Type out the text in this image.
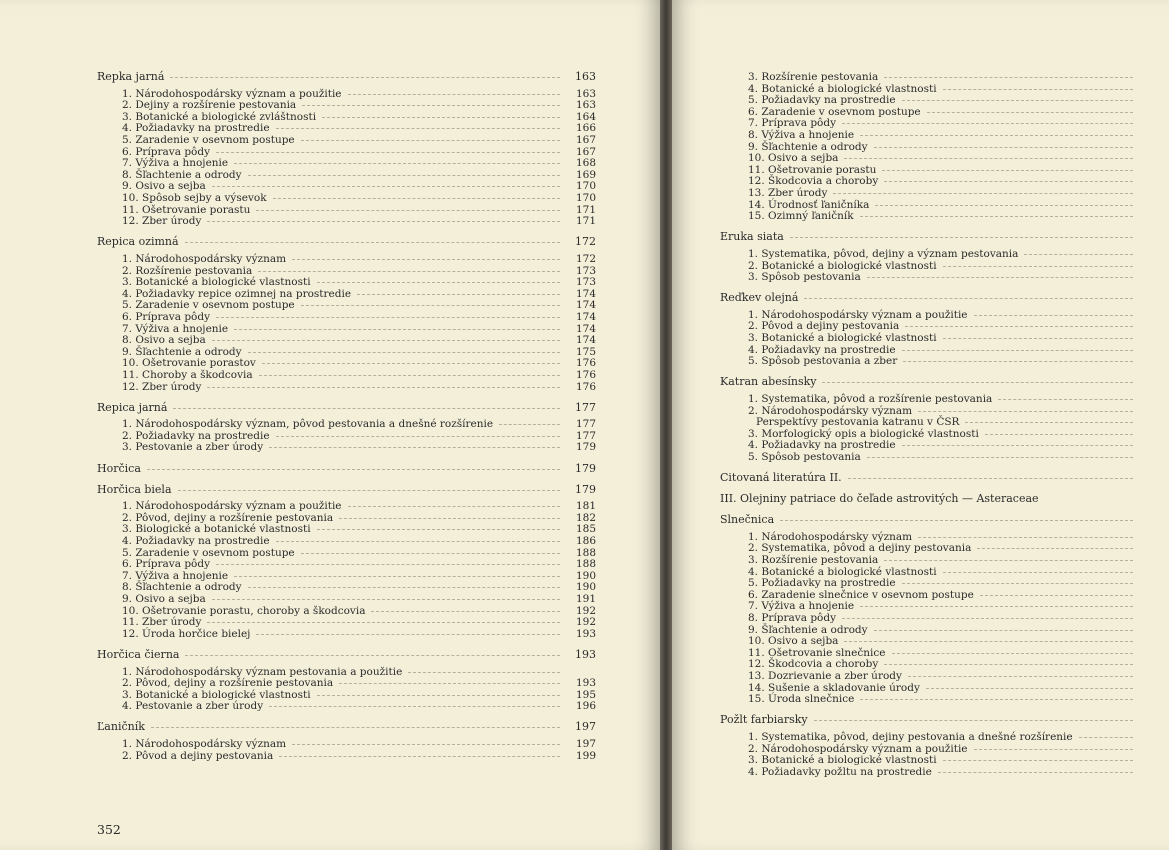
Repka jarná	163
1. Národohospodársky význam a použitie	163
2. Dejiny a rozšírenie pestovania	163
3. Botanické a biologické zvláštnosti	164
4. Požiadavky na prostredie	166
5. Zaradenie v osevnom postupe	167
6. Príprava pôdy	167
7. Výživa a hnojenie	168
8. Šľachtenie a odrody	169
9. Osivo a sejba	170
10. Spôsob sejby a výsevok	170
11. Ošetrovanie porastu	171
12. Zber úrody	171
Repica ozimná	172
1. Národohospodársky význam	172
2. Rozšírenie pestovania	173
3. Botanické a biologické vlastnosti	173
4. Požiadavky repice ozimnej na prostredie	174
5. Zaradenie v osevnom postupe	174
6. Príprava pôdy	174
7. Výživa a hnojenie	174
8. Osivo a sejba	174
9. Šľachtenie a odrody	175
10. Ošetrovanie porastov	176
11. Choroby a škodcovia	176
12. Zber úrody	176
Repica jarná	177
1. Národohospodársky význam, pôvod pestovania a dnešné rozšírenie	177
2. Požiadavky na prostredie	177
3. Pestovanie a zber úrody	179
Horčica	179
Horčica biela	179
1. Národohospodársky význam a použitie	181
2. Pôvod, dejiny a rozšírenie pestovania	182
3. Biologické a botanické vlastnosti	185
4. Požiadavky na prostredie	186
5. Zaradenie v osevnom postupe	188
6. Príprava pôdy	188
7. Výživa a hnojenie	190
8. Šľachtenie a odrody	190
9. Osivo a sejba	191
10. Ošetrovanie porastu, choroby a škodcovia	192
11. Zber úrody	192
12. Úroda horčice bielej	193
Horčica čierna	193
1. Národohospodársky význam pestovania a použitie
2. Pôvod, dejiny a rozšírenie pestovania	193
3. Botanické a biologické vlastnosti	195
4. Pestovanie a zber úrody	196
Ľaničník	197
1. Národohospodársky význam	197
2. Pôvod a dejiny pestovania	199
352
3. Rozšírenie pestovania
4. Botanické a biologické vlastnosti
5. Požiadavky na prostredie
6. Zaradenie v osevnom postupe
7. Príprava pôdy
8. Výživa a hnojenie
9. Šľachtenie a odrody
10. Osivo a sejba
11. Ošetrovanie porastu
12. Škodcovia a choroby
13. Zber úrody
14. Úrodnosť ľaničníka
15. Ozimný ľaničník
Eruka siata
1. Systematika, pôvod, dejiny a význam pestovania
2. Botanické a biologické vlastnosti
3. Spôsob pestovania
Reďkev olejná
1. Národohospodársky význam a použitie
2. Pôvod a dejiny pestovania
3. Botanické a biologické vlastnosti
4. Požiadavky na prostredie
5. Spôsob pestovania a zber
Katran abesínsky
1. Systematika, pôvod a rozšírenie pestovania
2. Národohospodársky význam
Perspektívy pestovania katranu v ČSR
3. Morfologický opis a biologické vlastnosti
4. Požiadavky na prostredie
5. Spôsob pestovania
Citovaná literatúra II.
III. Olejniny patriace do čeľade astrovitých — Asteraceae
Slnečnica
1. Národohospodársky význam
2. Systematika, pôvod a dejiny pestovania
3. Rozšírenie pestovania
4. Botanické a biologické vlastnosti
5. Požiadavky na prostredie
6. Zaradenie slnečnice v osevnom postupe
7. Výživa a hnojenie
8. Príprava pôdy
9. Šľachtenie a odrody
10. Osivo a sejba
11. Ošetrovanie slnečnice
12. Škodcovia a choroby
13. Dozrievanie a zber úrody
14. Sušenie a skladovanie úrody
15. Úroda slnečnice
Požlt farbiarsky
1. Systematika, pôvod, dejiny pestovania a dnešné rozšírenie
2. Národohospodársky význam a použitie
3. Botanické a biologické vlastnosti
4. Požiadavky požltu na prostredie
